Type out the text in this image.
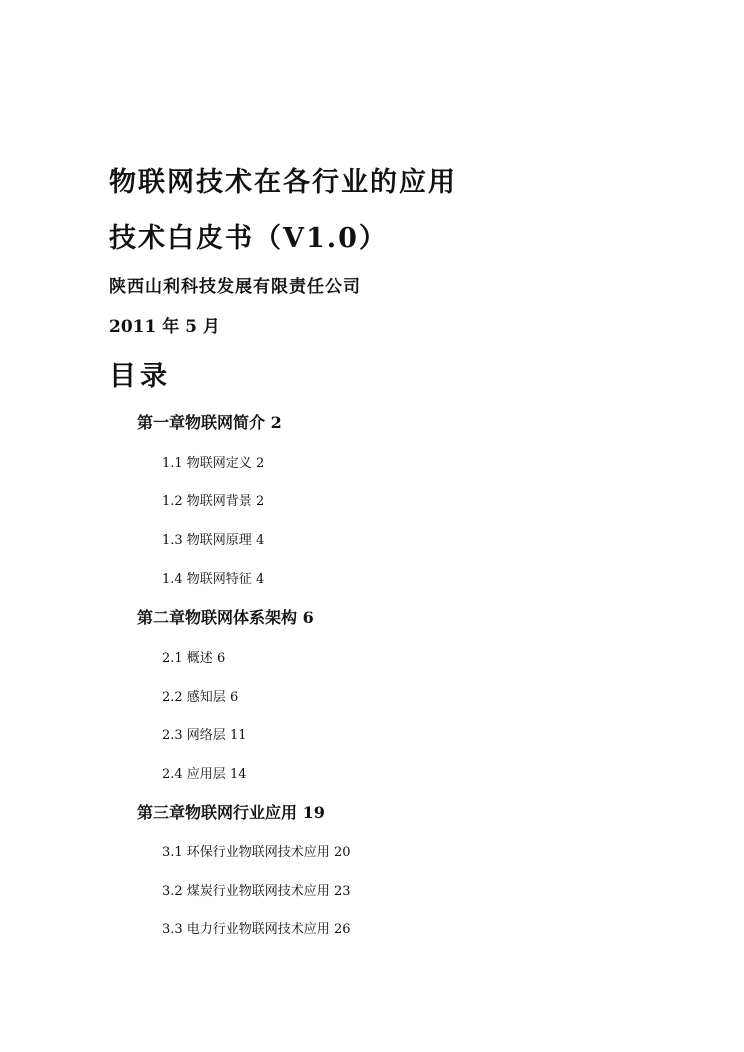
物联网技术在各行业的应用
技术白皮书（V1.0）
陕西山利科技发展有限责任公司
2011 年 5 月
目录
第一章物联网简介 2
1.1 物联网定义 2
1.2 物联网背景 2
1.3 物联网原理 4
1.4 物联网特征 4
第二章物联网体系架构 6
2.1 概述 6
2.2 感知层 6
2.3 网络层 11
2.4 应用层 14
第三章物联网行业应用 19
3.1 环保行业物联网技术应用 20
3.2 煤炭行业物联网技术应用 23
3.3 电力行业物联网技术应用 26
